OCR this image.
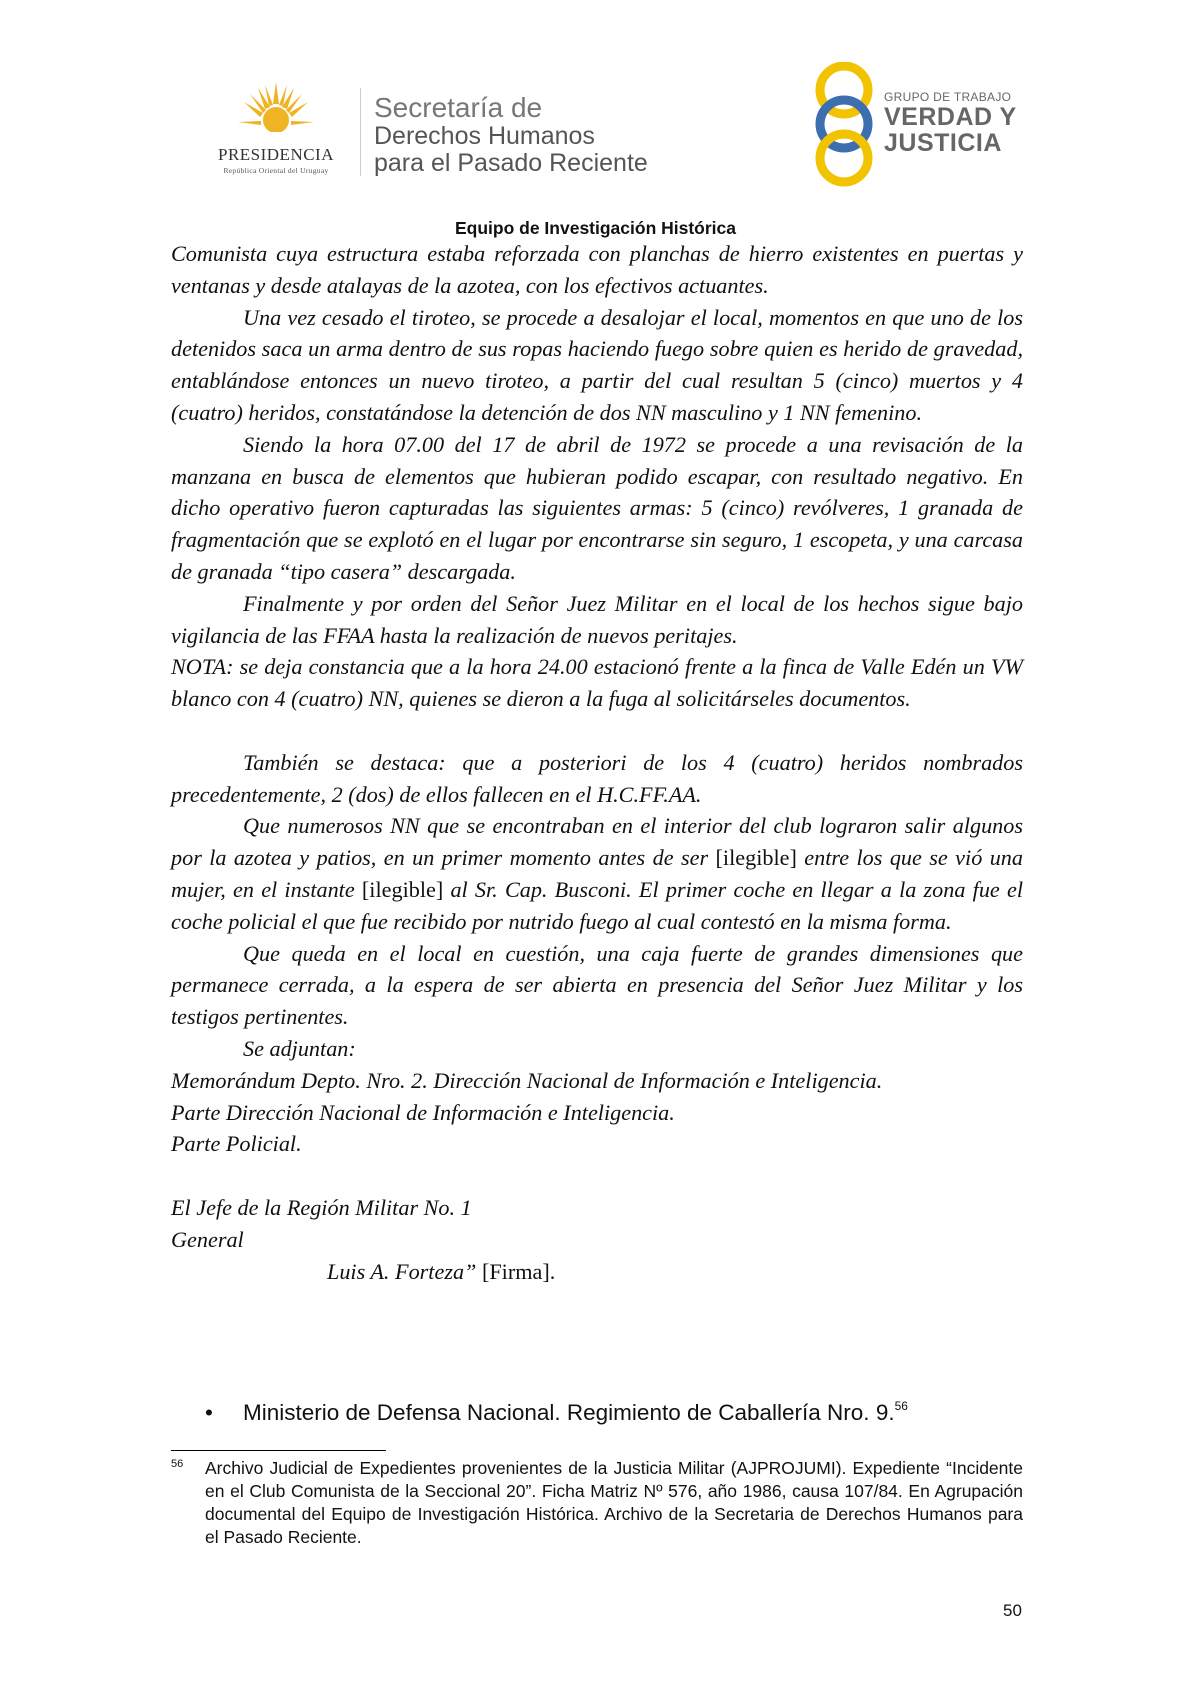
PRESIDENCIA
República Oriental del Uruguay
Secretaría de
Derechos Humanos
para el Pasado Reciente
GRUPO DE TRABAJO
VERDAD Y
JUSTICIA
Equipo de Investigación Histórica

Comunista cuya estructura estaba reforzada con planchas de hierro existentes en puertas y ventanas y desde atalayas de la azotea, con los efectivos actuantes.

Una vez cesado el tiroteo, se procede a desalojar el local, momentos en que uno de los detenidos saca un arma dentro de sus ropas haciendo fuego sobre quien es herido de gravedad, entablándose entonces un nuevo tiroteo, a partir del cual resultan 5 (cinco) muertos y 4 (cuatro) heridos, constatándose la detención de dos NN masculino y 1 NN femenino.

Siendo la hora 07.00 del 17 de abril de 1972 se procede a una revisación de la manzana en busca de elementos que hubieran podido escapar, con resultado negativo. En dicho operativo fueron capturadas las siguientes armas: 5 (cinco) revólveres, 1 granada de fragmentación que se explotó en el lugar por encontrarse sin seguro, 1 escopeta, y una carcasa de granada “tipo casera” descargada.

Finalmente y por orden del Señor Juez Militar en el local de los hechos sigue bajo vigilancia de las FFAA hasta la realización de nuevos peritajes.

NOTA: se deja constancia que a la hora 24.00 estacionó frente a la finca de Valle Edén un VW blanco con 4 (cuatro) NN, quienes se dieron a la fuga al solicitárseles documentos.

También se destaca: que a posteriori de los 4 (cuatro) heridos nombrados precedentemente, 2 (dos) de ellos fallecen en el H.C.FF.AA.

Que numerosos NN que se encontraban en el interior del club lograron salir algunos por la azotea y patios, en un primer momento antes de ser [ilegible] entre los que se vió una mujer, en el instante [ilegible] al Sr. Cap. Busconi. El primer coche en llegar a la zona fue el coche policial el que fue recibido por nutrido fuego al cual contestó en la misma forma.

Que queda en el local en cuestión, una caja fuerte de grandes dimensiones que permanece cerrada, a la espera de ser abierta en presencia del Señor Juez Militar y los testigos pertinentes.

Se adjuntan:

Memorándum Depto. Nro. 2. Dirección Nacional de Información e Inteligencia.

Parte Dirección Nacional de Información e Inteligencia.

Parte Policial.

El Jefe de la Región Militar No. 1

General

Luis A. Forteza” [Firma].

• Ministerio de Defensa Nacional. Regimiento de Caballería Nro. 9.56
56 Archivo Judicial de Expedientes provenientes de la Justicia Militar (AJPROJUMI). Expediente “Incidente en el Club Comunista de la Seccional 20”. Ficha Matriz Nº 576, año 1986, causa 107/84. En Agrupación documental del Equipo de Investigación Histórica. Archivo de la Secretaria de Derechos Humanos para el Pasado Reciente.
50
